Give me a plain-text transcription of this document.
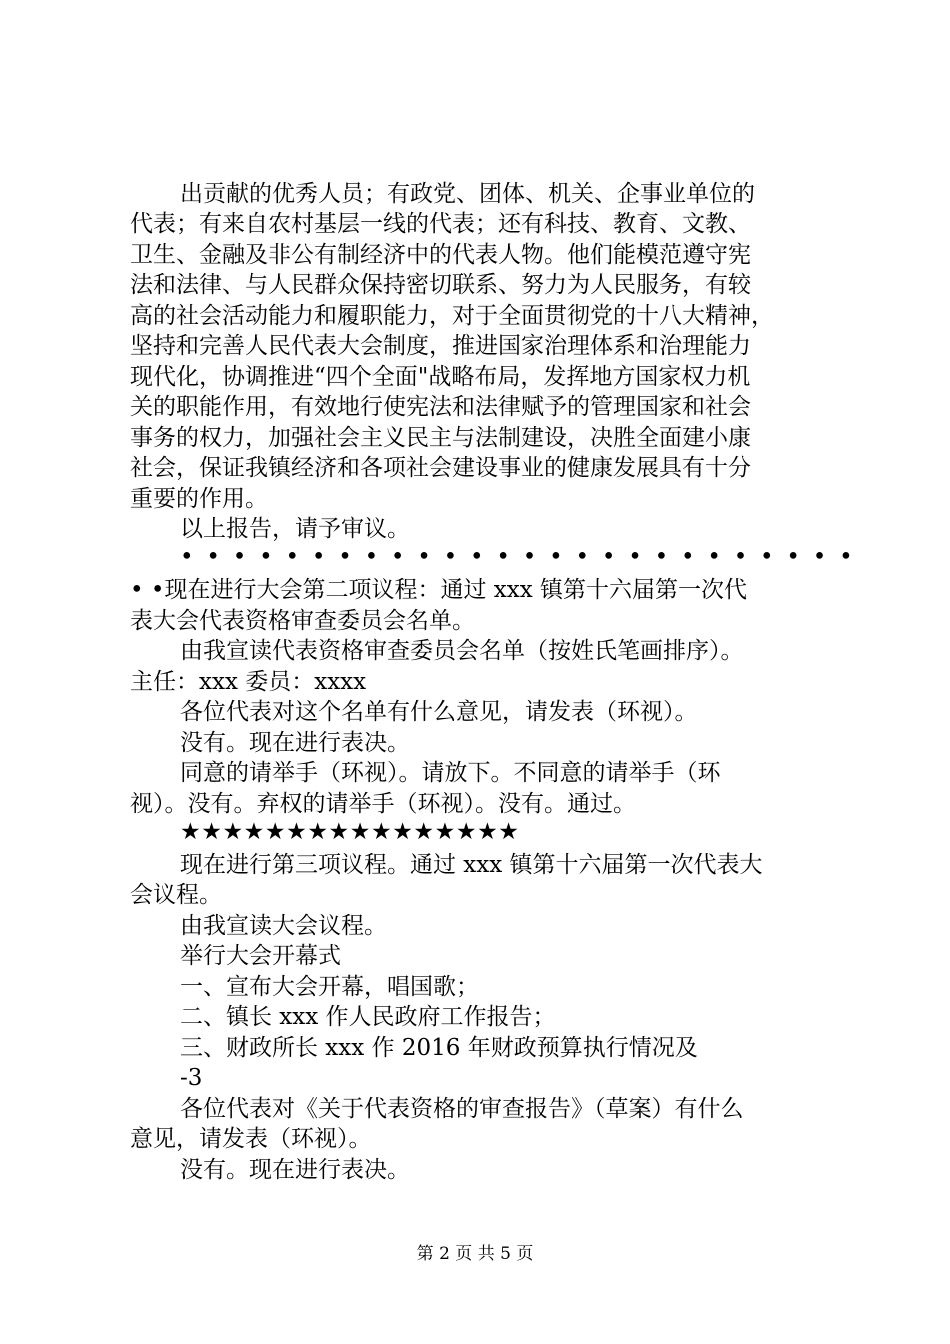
出贡献的优秀人员；有政党、团体、机关、企事业单位的
代表；有来自农村基层一线的代表；还有科技、教育、文教、
卫生、金融及非公有制经济中的代表人物。他们能模范遵守宪
法和法律、与人民群众保持密切联系、努力为人民服务，有较
高的社会活动能力和履职能力，对于全面贯彻党的十八大精神，
坚持和完善人民代表大会制度，推进国家治理体系和治理能力
现代化，协调推进“四个全面"战略布局，发挥地方国家权力机
关的职能作用，有效地行使宪法和法律赋予的管理国家和社会
事务的权力，加强社会主义民主与法制建设，决胜全面建小康
社会，保证我镇经济和各项社会建设事业的健康发展具有十分
重要的作用。
以上报告，请予审议。
••••••••••••••••••••••••••
• •现在进行大会第二项议程：通过 xxx 镇第十六届第一次代
表大会代表资格审查委员会名单。
由我宣读代表资格审查委员会名单（按姓氏笔画排序）。
主任：xxx 委员：xxxx
各位代表对这个名单有什么意见，请发表（环视）。
没有。现在进行表决。
同意的请举手（环视）。请放下。不同意的请举手（环
视）。没有。弃权的请举手（环视）。没有。通过。
★★★★★★★★★★★★★★★★
现在进行第三项议程。通过 xxx 镇第十六届第一次代表大
会议程。
由我宣读大会议程。
举行大会开幕式
一、宣布大会开幕，唱国歌；
二、镇长 xxx 作人民政府工作报告；
三、财政所长 xxx 作 2016 年财政预算执行情况及
-3
各位代表对《关于代表资格的审查报告》（草案）有什么
意见，请发表（环视）。
没有。现在进行表决。
第 2 页 共 5 页
